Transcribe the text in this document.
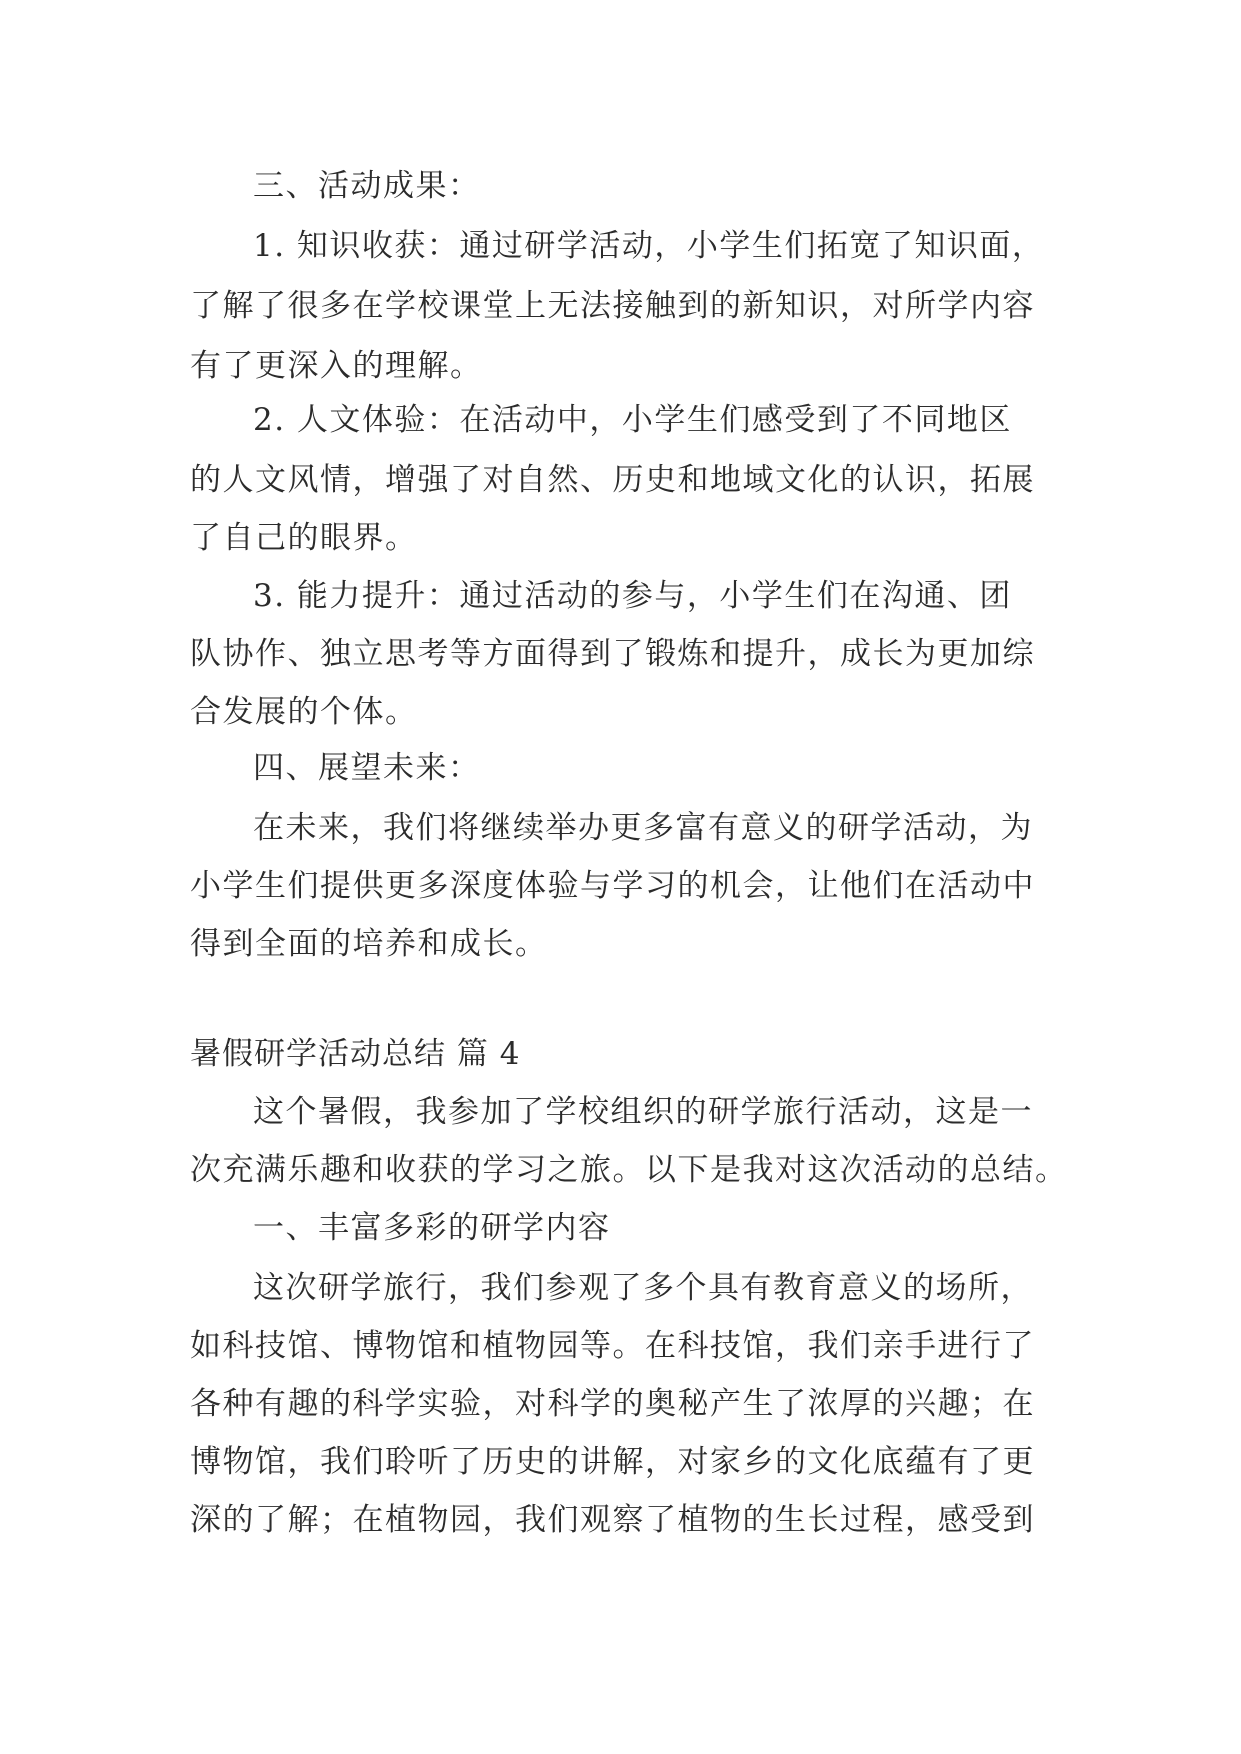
三、活动成果：
1. 知识收获：通过研学活动，小学生们拓宽了知识面，
了解了很多在学校课堂上无法接触到的新知识，对所学内容
有了更深入的理解。
2. 人文体验：在活动中，小学生们感受到了不同地区
的人文风情，增强了对自然、历史和地域文化的认识，拓展
了自己的眼界。
3. 能力提升：通过活动的参与，小学生们在沟通、团
队协作、独立思考等方面得到了锻炼和提升，成长为更加综
合发展的个体。
四、展望未来：
在未来，我们将继续举办更多富有意义的研学活动，为
小学生们提供更多深度体验与学习的机会，让他们在活动中
得到全面的培养和成长。
暑假研学活动总结 篇 4
这个暑假，我参加了学校组织的研学旅行活动，这是一
次充满乐趣和收获的学习之旅。以下是我对这次活动的总结。
一、丰富多彩的研学内容
这次研学旅行，我们参观了多个具有教育意义的场所，
如科技馆、博物馆和植物园等。在科技馆，我们亲手进行了
各种有趣的科学实验，对科学的奥秘产生了浓厚的兴趣；在
博物馆，我们聆听了历史的讲解，对家乡的文化底蕴有了更
深的了解；在植物园，我们观察了植物的生长过程，感受到
